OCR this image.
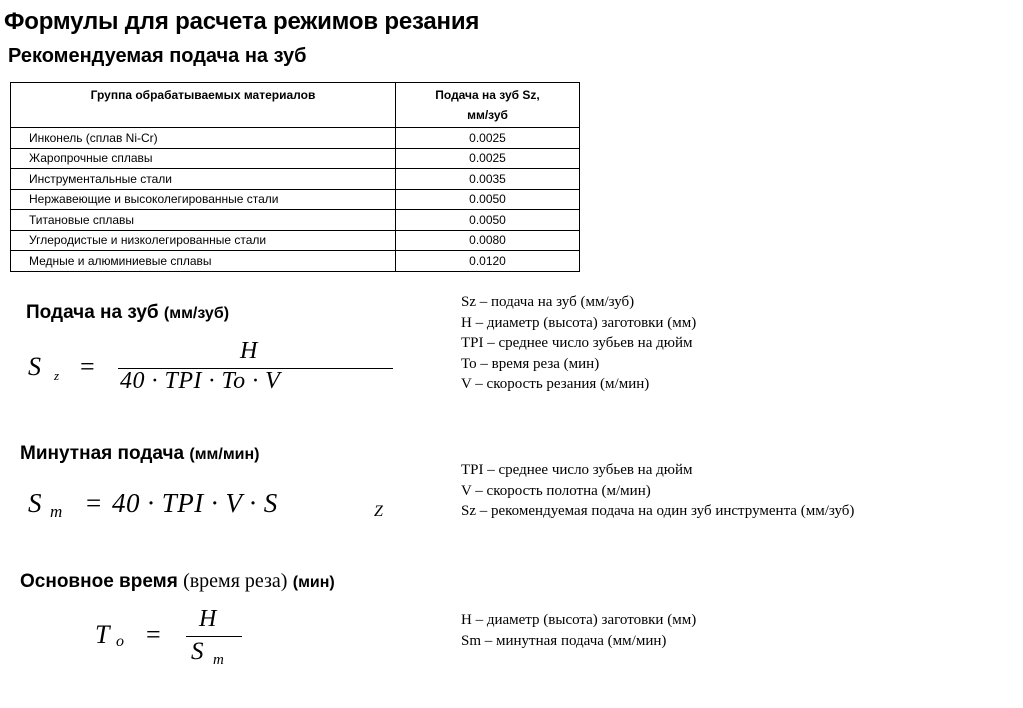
Формулы для расчета режимов резания
Рекомендуемая подача на зуб
Группа обрабатываемых материалов	Подача на зуб Sz,
мм/зуб

Инконель (сплав Ni-Cr)	0.0025
Жаропрочные сплавы	0.0025
Инструментальные стали	0.0035
Нержавеющие и высоколегированные стали	0.0050
Титановые сплавы	0.0050
Углеродистые и низколегированные стали	0.0080
Медные и алюминиевые сплавы	0.0120
Подача на зуб (мм/зуб)
S z =
H
40 · TPI · To · V
Sz – подача на зуб (мм/зуб)
H – диаметр (высота) заготовки (мм)
TPI – среднее число зубьев на дюйм
To – время реза (мин)
V – скорость резания (м/мин)
Минутная подача (мм/мин)
S m = 40 · TPI · V · S	Z
TPI – среднее число зубьев на дюйм
V – скорость полотна (м/мин)
Sz – рекомендуемая подача на один зуб инструмента (мм/зуб)
Основное время (время реза) (мин)
T o =
H
S m
H – диаметр (высота) заготовки (мм)
Sm – минутная подача (мм/мин)
